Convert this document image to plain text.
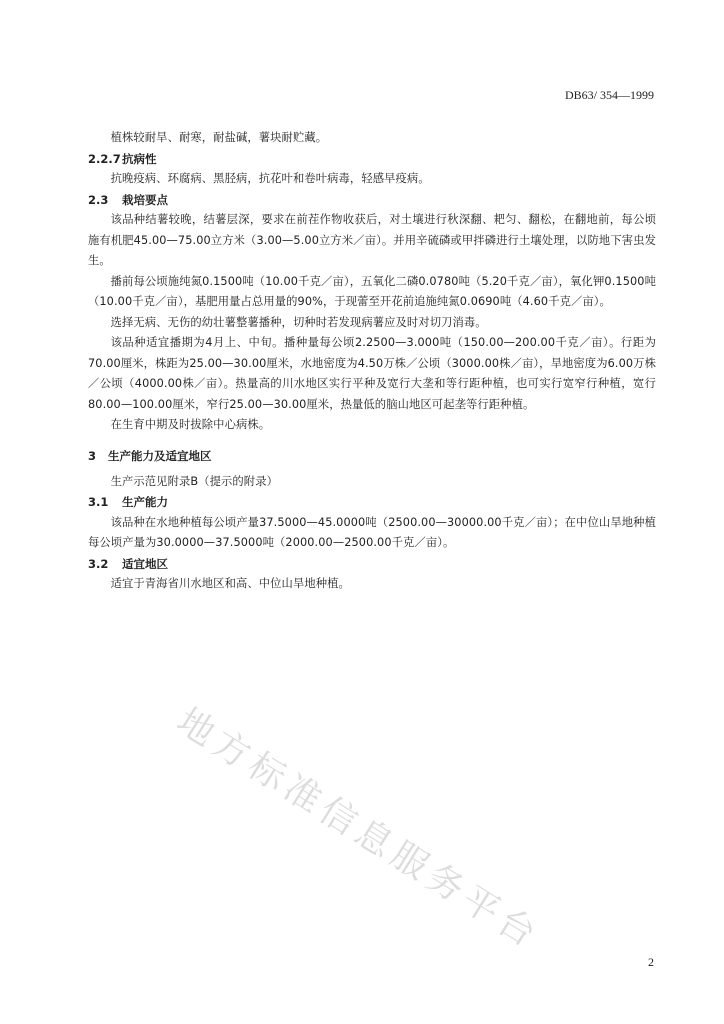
DB63/ 354—1999

植株较耐旱、耐寒，耐盐碱，薯块耐贮藏。

2.2.7抗病性

抗晚疫病、环腐病、黑胫病，抗花叶和卷叶病毒，轻感早疫病。

2.3 栽培要点

该品种结薯较晚，结薯层深，要求在前茬作物收获后，对土壤进行秋深翻、耙匀、翻松，在翻地前，每公顷施有机肥45.00—75.00立方米（3.00—5.00立方米／亩）。并用辛硫磷或甲拌磷进行土壤处理，以防地下害虫发生。

播前每公顷施纯氮0.1500吨（10.00千克／亩），五氧化二磷0.0780吨（5.20千克／亩），氧化钾0.1500吨（10.00千克／亩），基肥用量占总用量的90%，于现蕾至开花前追施纯氮0.0690吨（4.60千克／亩）。

选择无病、无伤的幼壮薯整薯播种，切种时若发现病薯应及时对切刀消毒。

该品种适宜播期为4月上、中旬。播种量每公顷2.2500—3.000吨（150.00—200.00千克／亩）。行距为70.00厘米，株距为25.00—30.00厘米，水地密度为4.50万株／公顷（3000.00株／亩），旱地密度为6.00万株／公顷（4000.00株／亩）。热量高的川水地区实行平种及宽行大垄和等行距种植，也可实行宽窄行种植，宽行80.00—100.00厘米，窄行25.00—30.00厘米，热量低的脑山地区可起垄等行距种植。

在生育中期及时拔除中心病株。

3 生产能力及适宜地区

生产示范见附录B（提示的附录）

3.1 生产能力

该品种在水地种植每公顷产量37.5000—45.0000吨（2500.00—30000.00千克／亩）；在中位山旱地种植每公顷产量为30.0000—37.5000吨（2000.00—2500.00千克／亩）。

3.2 适宜地区

适宜于青海省川水地区和高、中位山旱地种植。

地方标准信息服务平台
2
